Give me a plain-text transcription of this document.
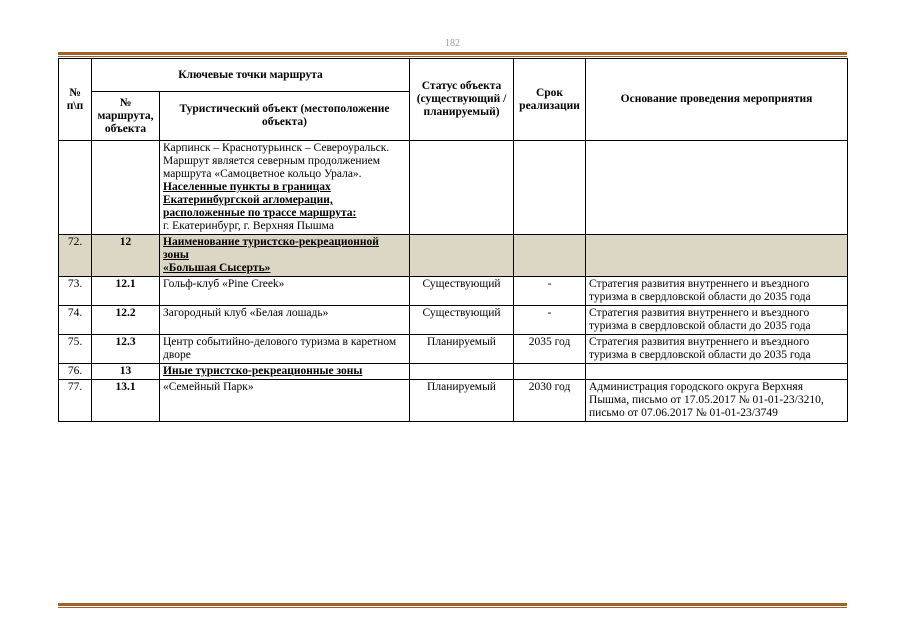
182
№ п\п	Ключевые точки маршрута		Статус объекта (существующий / планируемый)	Срок реализации	Основание проведения мероприятия
	№ маршрута, объекта	Туристический объект (местоположение объекта)			
		Карпинск – Краснотурьинск – Североуральск. Маршрут является северным продолжением маршрута «Самоцветное кольцо Урала».
Населенные пункты в границах Екатеринбургской агломерации, расположенные по трассе маршрута:
г. Екатеринбург, г. Верхняя Пышма			
72.	12	Наименование туристско-рекреационной зоны
«Большая Сысерть»			
73.	12.1	Гольф-клуб «Pine Creek»	Существующий	-	Стратегия развития внутреннего и въездного туризма в свердловской области до 2035 года
74.	12.2	Загородный клуб «Белая лошадь»	Существующий	-	Стратегия развития внутреннего и въездного туризма в свердловской области до 2035 года
75.	12.3	Центр событийно-делового туризма в каретном дворе	Планируемый	2035 год	Стратегия развития внутреннего и въездного туризма в свердловской области до 2035 года
76.	13	Иные туристско-рекреационные зоны			
77.	13.1	«Семейный Парк»	Планируемый	2030 год	Администрация городского округа Верхняя Пышма, письмо от 17.05.2017 № 01-01-23/3210, письмо от 07.06.2017 № 01-01-23/3749
